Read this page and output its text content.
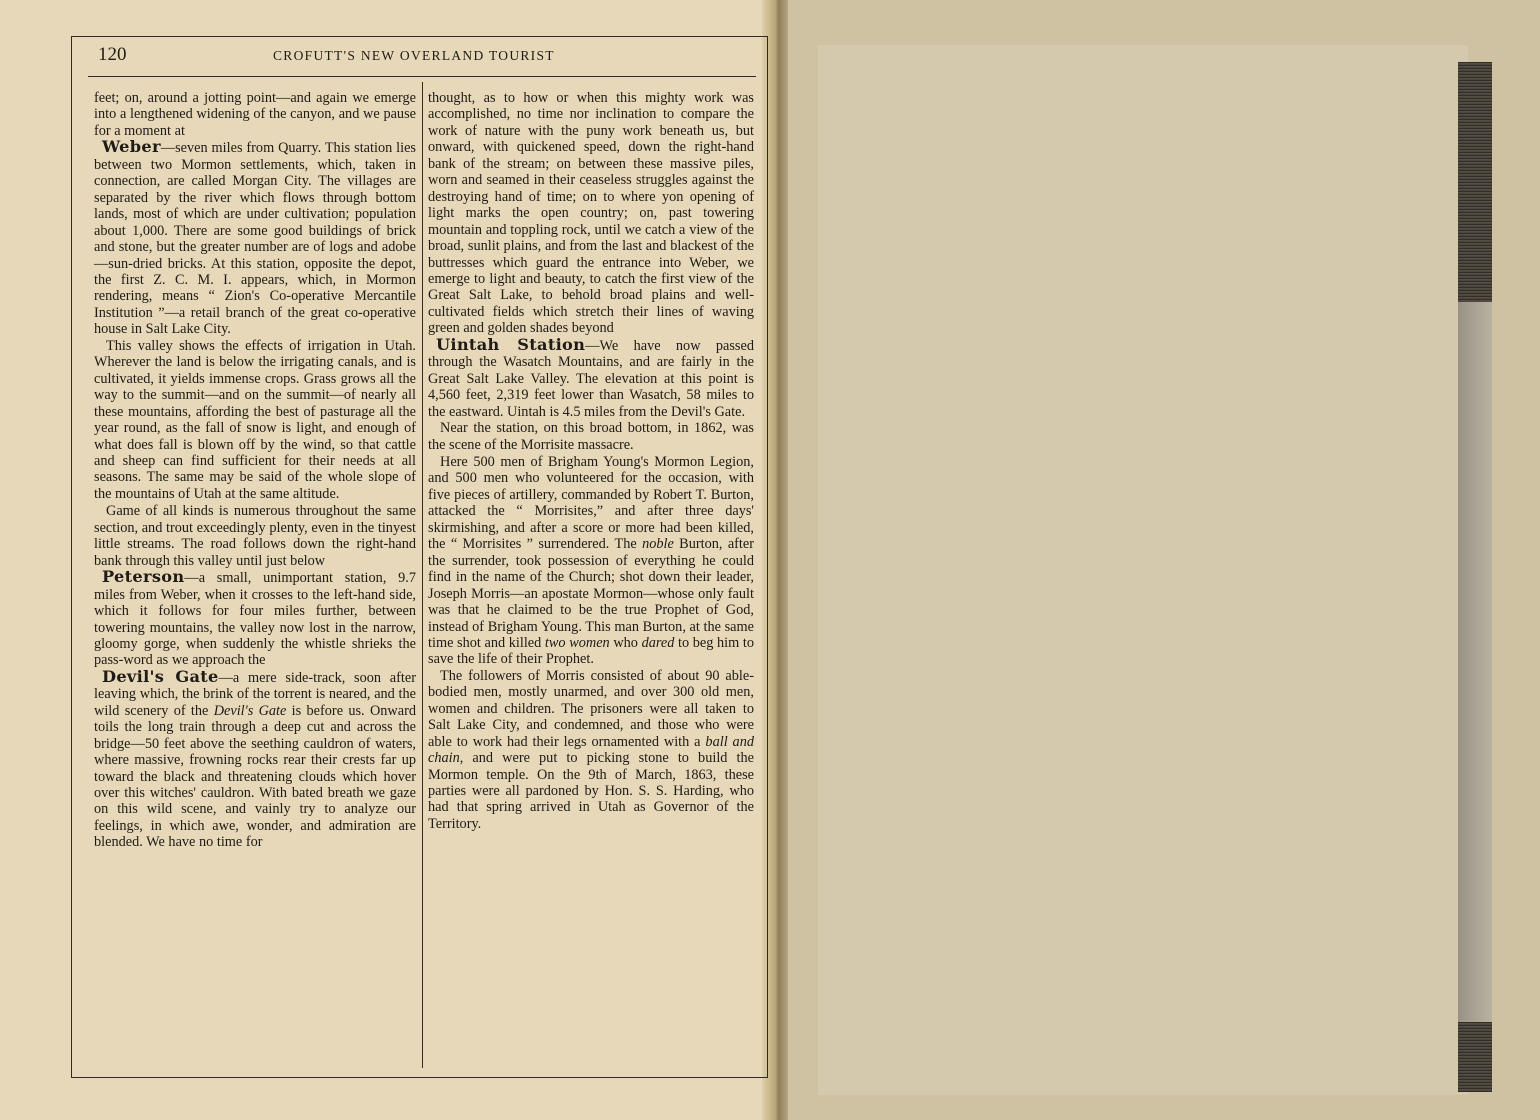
120	CROFUTT'S NEW OVERLAND TOURIST

feet; on, around a jotting point—and again we emerge into a lengthened widening of the canyon, and we pause for a moment at

Weber—seven miles from Quarry. This station lies between two Mormon settlements, which, taken in connection, are called Morgan City. The villages are separated by the river which flows through bottom lands, most of which are under cultivation; population about 1,000. There are some good buildings of brick and stone, but the greater number are of logs and adobe—sun-dried bricks. At this station, opposite the depot, the first Z. C. M. I. appears, which, in Mormon rendering, means “ Zion's Co-operative Mercantile Institution ”—a retail branch of the great co-operative house in Salt Lake City.

This valley shows the effects of irrigation in Utah. Wherever the land is below the irrigating canals, and is cultivated, it yields immense crops. Grass grows all the way to the summit—and on the summit—of nearly all these mountains, affording the best of pasturage all the year round, as the fall of snow is light, and enough of what does fall is blown off by the wind, so that cattle and sheep can find sufficient for their needs at all seasons. The same may be said of the whole slope of the mountains of Utah at the same altitude.

Game of all kinds is numerous throughout the same section, and trout exceedingly plenty, even in the tinyest little streams. The road follows down the right-hand bank through this valley until just below

Peterson—a small, unimportant station, 9.7 miles from Weber, when it crosses to the left-hand side, which it follows for four miles further, between towering mountains, the valley now lost in the narrow, gloomy gorge, when suddenly the whistle shrieks the pass-word as we approach the

Devil's Gate—a mere side-track, soon after leaving which, the brink of the torrent is neared, and the wild scenery of the Devil's Gate is before us. Onward toils the long train through a deep cut and across the bridge—50 feet above the seething cauldron of waters, where massive, frowning rocks rear their crests far up toward the black and threatening clouds which hover over this witches' cauldron. With bated breath we gaze on this wild scene, and vainly try to analyze our feelings, in which awe, wonder, and admiration are blended. We have no time for

thought, as to how or when this mighty work was accomplished, no time nor inclination to compare the work of nature with the puny work beneath us, but onward, with quickened speed, down the right-hand bank of the stream; on between these massive piles, worn and seamed in their ceaseless struggles against the destroying hand of time; on to where yon opening of light marks the open country; on, past towering mountain and toppling rock, until we catch a view of the broad, sunlit plains, and from the last and blackest of the buttresses which guard the entrance into Weber, we emerge to light and beauty, to catch the first view of the Great Salt Lake, to behold broad plains and well-cultivated fields which stretch their lines of waving green and golden shades beyond

Uintah Station—We have now passed through the Wasatch Mountains, and are fairly in the Great Salt Lake Valley. The elevation at this point is 4,560 feet, 2,319 feet lower than Wasatch, 58 miles to the eastward. Uintah is 4.5 miles from the Devil's Gate.

Near the station, on this broad bottom, in 1862, was the scene of the Morrisite massacre.

Here 500 men of Brigham Young's Mormon Legion, and 500 men who volunteered for the occasion, with five pieces of artillery, commanded by Robert T. Burton, attacked the “ Morrisites,” and after three days' skirmishing, and after a score or more had been killed, the “ Morrisites ” surrendered. The noble Burton, after the surrender, took possession of everything he could find in the name of the Church; shot down their leader, Joseph Morris—an apostate Mormon—whose only fault was that he claimed to be the true Prophet of God, instead of Brigham Young. This man Burton, at the same time shot and killed two women who dared to beg him to save the life of their Prophet.

The followers of Morris consisted of about 90 able-bodied men, mostly unarmed, and over 300 old men, women and children. The prisoners were all taken to Salt Lake City, and condemned, and those who were able to work had their legs ornamented with a ball and chain, and were put to picking stone to build the Mormon temple. On the 9th of March, 1863, these parties were all pardoned by Hon. S. S. Harding, who had that spring arrived in Utah as Governor of the Territory.
